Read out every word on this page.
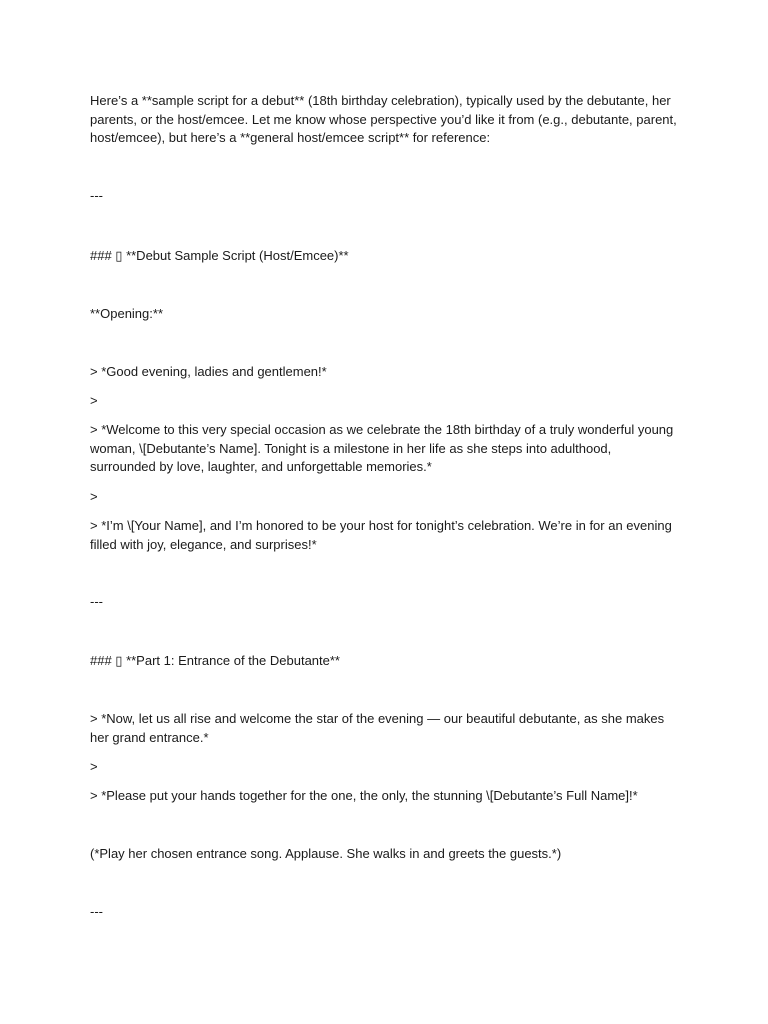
Here’s a **sample script for a debut** (18th birthday celebration), typically used by the debutante, her parents, or the host/emcee. Let me know whose perspective you’d like it from (e.g., debutante, parent, host/emcee), but here’s a **general host/emcee script** for reference:

---

### ▯ **Debut Sample Script (Host/Emcee)**

**Opening:**

> *Good evening, ladies and gentlemen!*

>

> *Welcome to this very special occasion as we celebrate the 18th birthday of a truly wonderful young woman, \[Debutante’s Name]. Tonight is a milestone in her life as she steps into adulthood, surrounded by love, laughter, and unforgettable memories.*

>

> *I’m \[Your Name], and I’m honored to be your host for tonight’s celebration. We’re in for an evening filled with joy, elegance, and surprises!*

---

### ▯ **Part 1: Entrance of the Debutante**

> *Now, let us all rise and welcome the star of the evening — our beautiful debutante, as she makes her grand entrance.*

>

> *Please put your hands together for the one, the only, the stunning \[Debutante’s Full Name]!*

(*Play her chosen entrance song. Applause. She walks in and greets the guests.*)

---
